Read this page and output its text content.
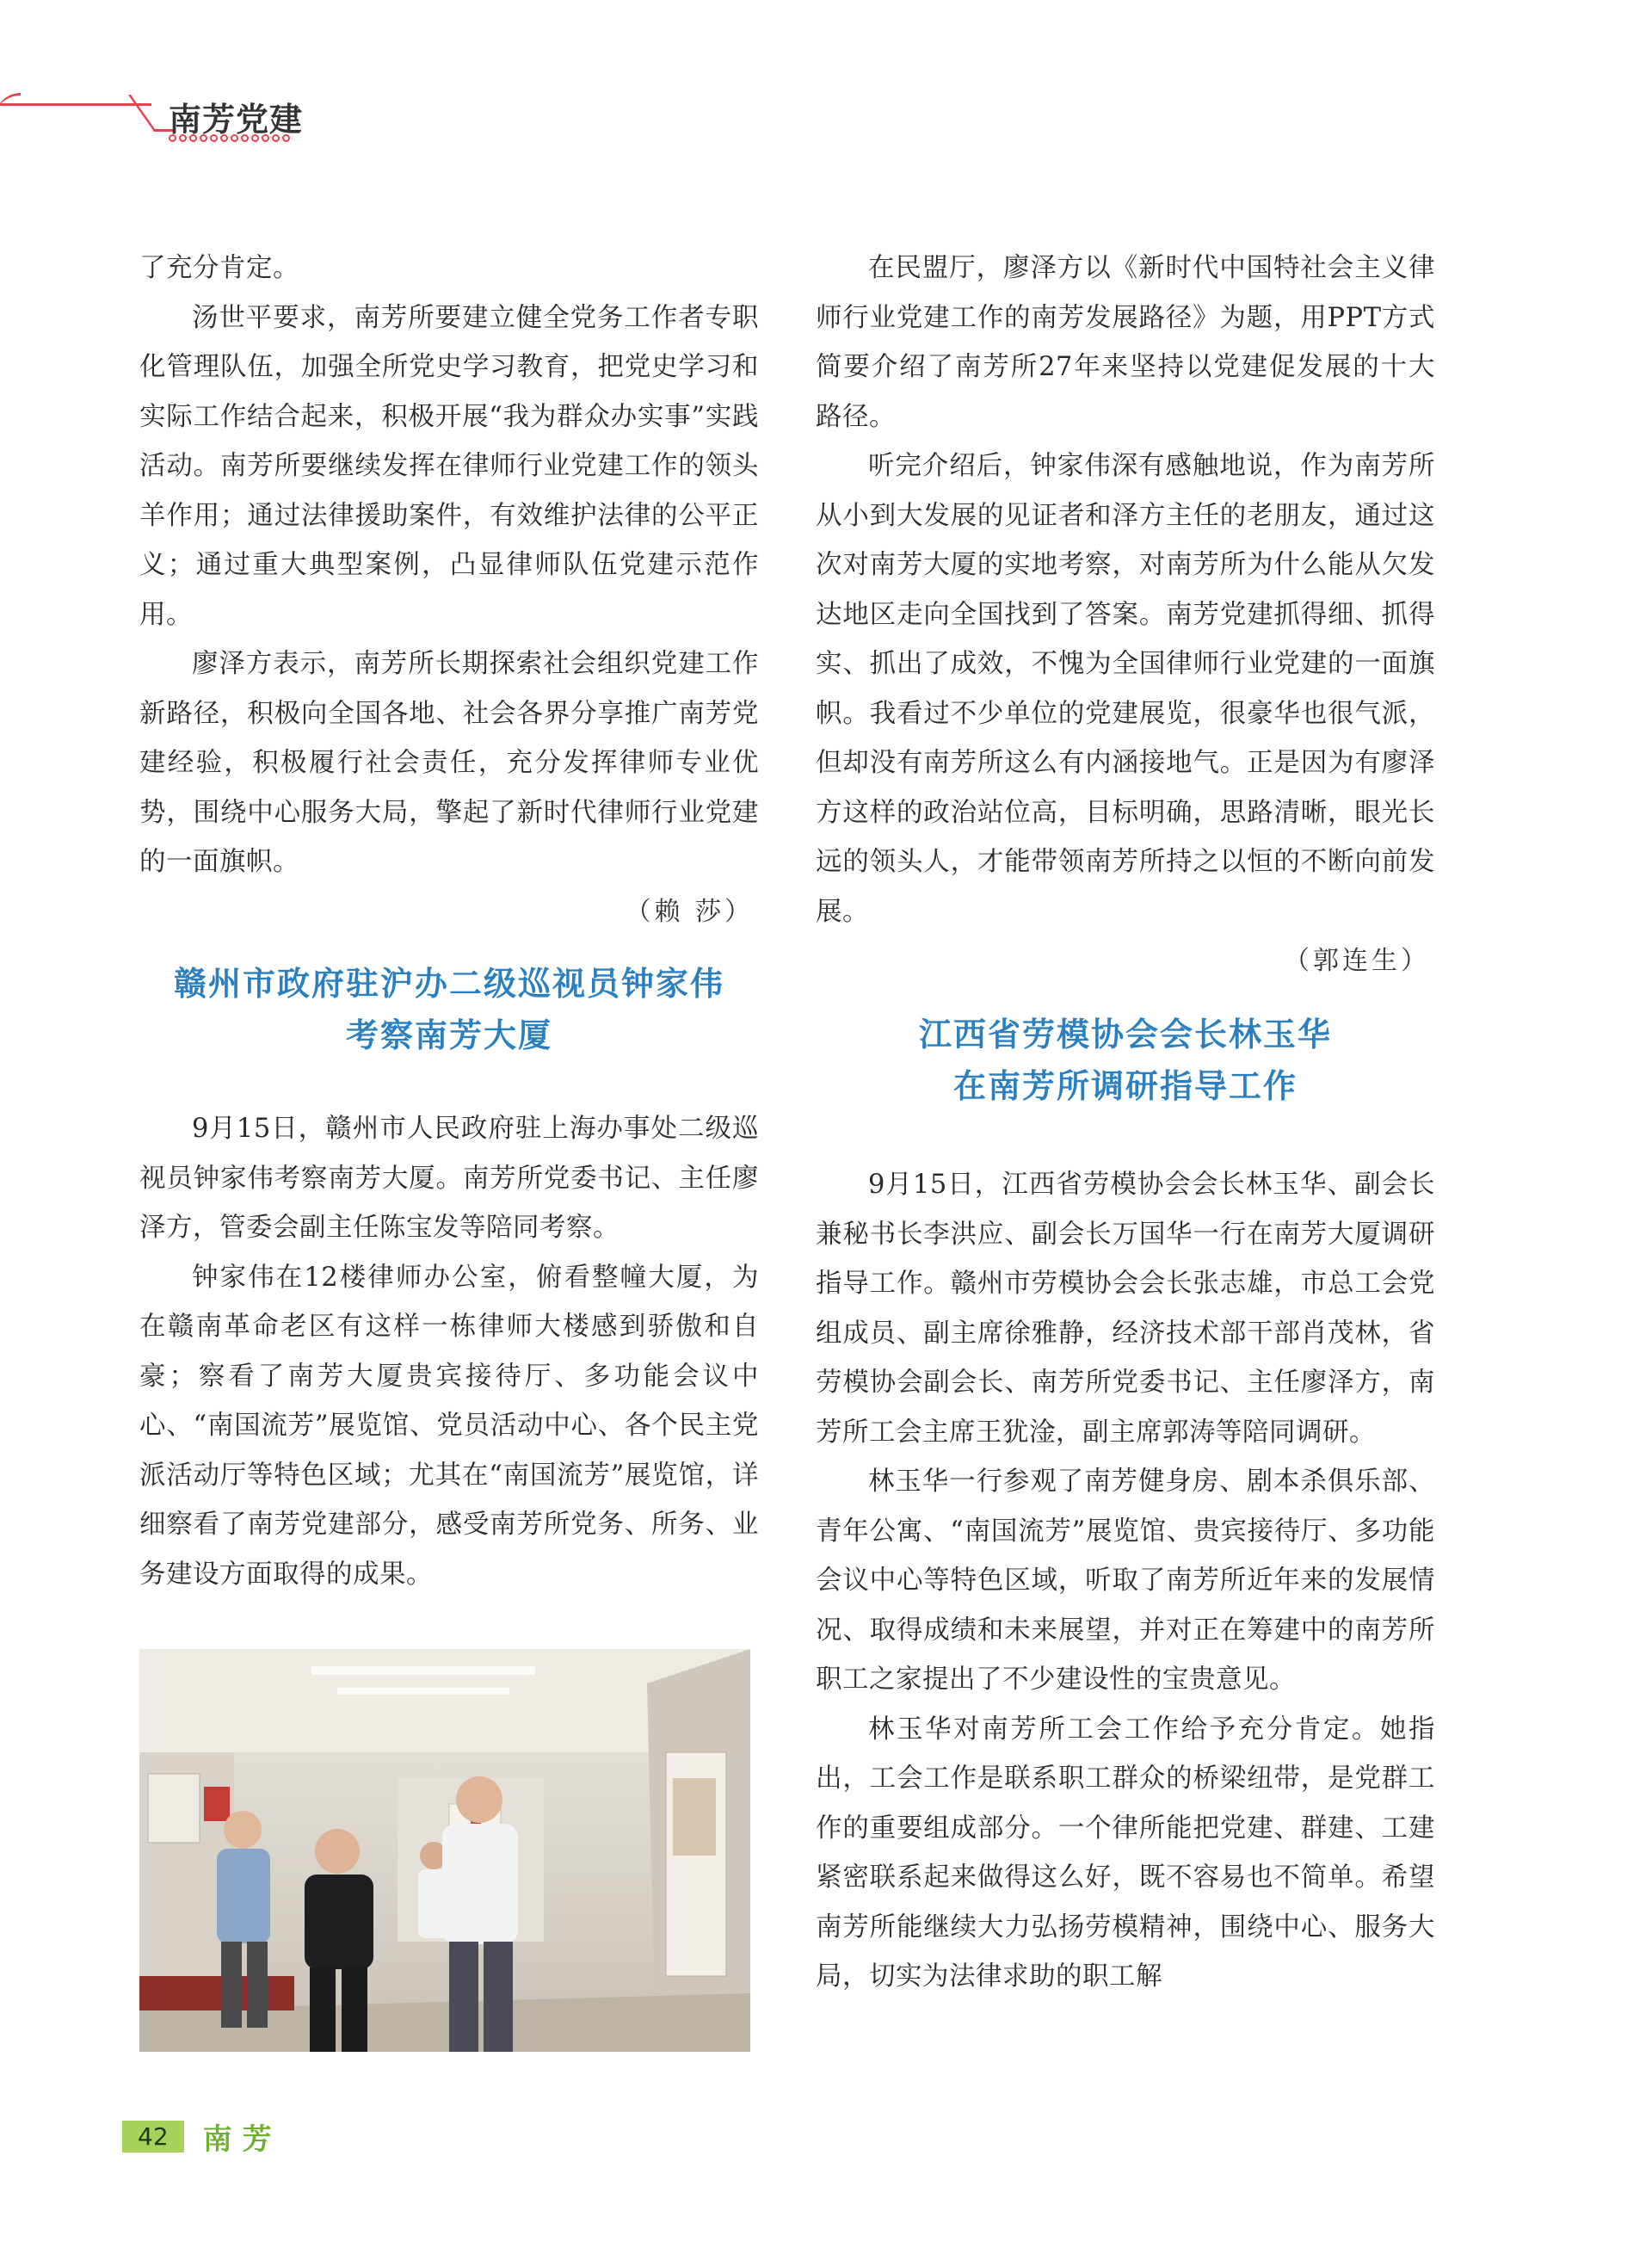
南芳党建

了充分肯定。

汤世平要求，南芳所要建立健全党务工作者专职化管理队伍，加强全所党史学习教育，把党史学习和实际工作结合起来，积极开展“我为群众办实事”实践活动。南芳所要继续发挥在律师行业党建工作的领头羊作用；通过法律援助案件，有效维护法律的公平正义；通过重大典型案例，凸显律师队伍党建示范作用。

廖泽方表示，南芳所长期探索社会组织党建工作新路径，积极向全国各地、社会各界分享推广南芳党建经验，积极履行社会责任，充分发挥律师专业优势，围绕中心服务大局，擎起了新时代律师行业党建的一面旗帜。

（赖 莎）
赣州市政府驻沪办二级巡视员钟家伟
考察南芳大厦

9月15日，赣州市人民政府驻上海办事处二级巡视员钟家伟考察南芳大厦。南芳所党委书记、主任廖泽方，管委会副主任陈宝发等陪同考察。

钟家伟在12楼律师办公室，俯看整幢大厦，为在赣南革命老区有这样一栋律师大楼感到骄傲和自豪；察看了南芳大厦贵宾接待厅、多功能会议中心、“南国流芳”展览馆、党员活动中心、各个民主党派活动厅等特色区域；尤其在“南国流芳”展览馆，详细察看了南芳党建部分，感受南芳所党务、所务、业务建设方面取得的成果。

在民盟厅，廖泽方以《新时代中国特社会主义律师行业党建工作的南芳发展路径》为题，用PPT方式简要介绍了南芳所27年来坚持以党建促发展的十大路径。

听完介绍后，钟家伟深有感触地说，作为南芳所从小到大发展的见证者和泽方主任的老朋友，通过这次对南芳大厦的实地考察，对南芳所为什么能从欠发达地区走向全国找到了答案。南芳党建抓得细、抓得实、抓出了成效，不愧为全国律师行业党建的一面旗帜。我看过不少单位的党建展览，很豪华也很气派，但却没有南芳所这么有内涵接地气。正是因为有廖泽方这样的政治站位高，目标明确，思路清晰，眼光长远的领头人，才能带领南芳所持之以恒的不断向前发展。

（郭连生）
江西省劳模协会会长林玉华
在南芳所调研指导工作

9月15日，江西省劳模协会会长林玉华、副会长兼秘书长李洪应、副会长万国华一行在南芳大厦调研指导工作。赣州市劳模协会会长张志雄，市总工会党组成员、副主席徐雅静，经济技术部干部肖茂林，省劳模协会副会长、南芳所党委书记、主任廖泽方，南芳所工会主席王犹淦，副主席郭涛等陪同调研。

林玉华一行参观了南芳健身房、剧本杀俱乐部、青年公寓、“南国流芳”展览馆、贵宾接待厅、多功能会议中心等特色区域，听取了南芳所近年来的发展情况、取得成绩和未来展望，并对正在筹建中的南芳所职工之家提出了不少建设性的宝贵意见。

林玉华对南芳所工会工作给予充分肯定。她指出，工会工作是联系职工群众的桥梁纽带，是党群工作的重要组成部分。一个律所能把党建、群建、工建紧密联系起来做得这么好，既不容易也不简单。希望南芳所能继续大力弘扬劳模精神，围绕中心、服务大局，切实为法律求助的职工解

42	南芳
